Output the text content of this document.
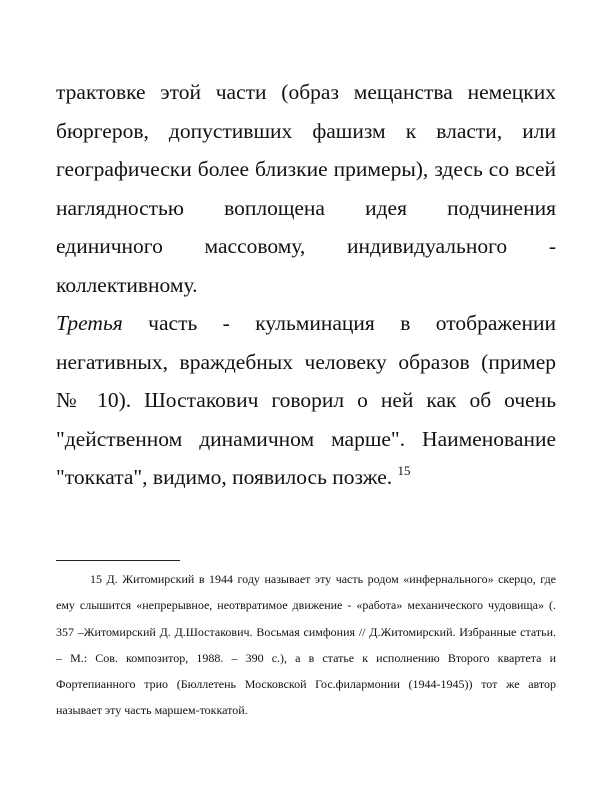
трактовке этой части (образ мещанства немецких бюргеров, допустивших фашизм к власти, или географически более близкие примеры), здесь со всей наглядностью воплощена идея подчинения единичного массовому, индивидуального - коллективному.

Третья часть - кульминация в отображении негативных, враждебных человеку образов (пример № 10). Шостакович говорил о ней как об очень "действенном динамичном марше". Наименование "токката", видимо, появилось позже. $^{15}$

15 Д. Житомирский в 1944 году называет эту часть родом «инфернального» скерцо, где ему слышится «непрерывное, неотвратимое движение - «работа» механического чудовища» (. 357 –Житомирский Д. Д.Шостакович. Восьмая симфония // Д.Житомирский. Избранные статьи. – М.: Сов. композитор, 1988. – 390 с.), а в статье к исполнению Второго квартета и Фортепианного трио (Бюллетень Московской Гос.филармонии (1944-1945)) тот же автор называет эту часть маршем-токкатой.
